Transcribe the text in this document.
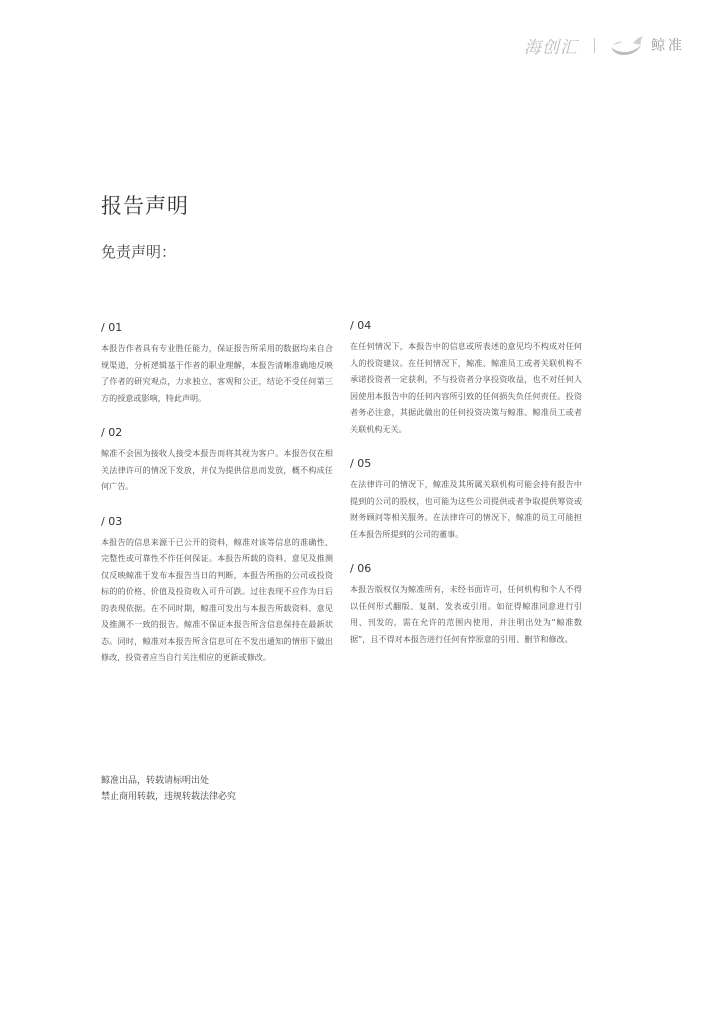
海创汇	鲸准
报告声明
免责声明：

/ 01

本报告作者具有专业胜任能力，保证报告所采用的数据均来自合规渠道，分析逻辑基于作者的职业理解，本报告清晰准确地反映了作者的研究观点，力求独立、客观和公正，结论不受任何第三方的授意或影响，特此声明。

/ 02

鲸准不会因为接收人接受本报告而将其视为客户。本报告仅在相关法律许可的情况下发放，并仅为提供信息而发放，概不构成任何广告。

/ 03

本报告的信息来源于已公开的资料，鲸准对该等信息的准确性、完整性或可靠性不作任何保证。本报告所载的资料、意见及推测仅反映鲸准于发布本报告当日的判断，本报告所指的公司或投资标的的价格、价值及投资收入可升可跌。过往表现不应作为日后的表现依据。在不同时期，鲸准可发出与本报告所载资料、意见及推测不一致的报告。鲸准不保证本报告所含信息保持在最新状态。同时，鲸准对本报告所含信息可在不发出通知的情形下做出修改，投资者应当自行关注相应的更新或修改。

/ 04

在任何情况下，本报告中的信息或所表述的意见均不构成对任何人的投资建议。在任何情况下，鲸准、鲸准员工或者关联机构不承诺投资者一定获利，不与投资者分享投资收益，也不对任何人因使用本报告中的任何内容所引致的任何损失负任何责任。投资者务必注意，其据此做出的任何投资决策与鲸准、鲸准员工或者关联机构无关。

/ 05

在法律许可的情况下，鲸准及其所属关联机构可能会持有报告中提到的公司的股权，也可能为这些公司提供或者争取提供筹资或财务顾问等相关服务。在法律许可的情况下，鲸准的员工可能担任本报告所提到的公司的董事。

/ 06

本报告版权仅为鲸准所有，未经书面许可，任何机构和个人不得以任何形式翻版、复制、发表或引用。如征得鲸准同意进行引用、刊发的，需在允许的范围内使用，并注明出处为“鲸准数据”，且不得对本报告进行任何有悖原意的引用、删节和修改。

鲸准出品，转载请标明出处
禁止商用转载，违规转载法律必究
